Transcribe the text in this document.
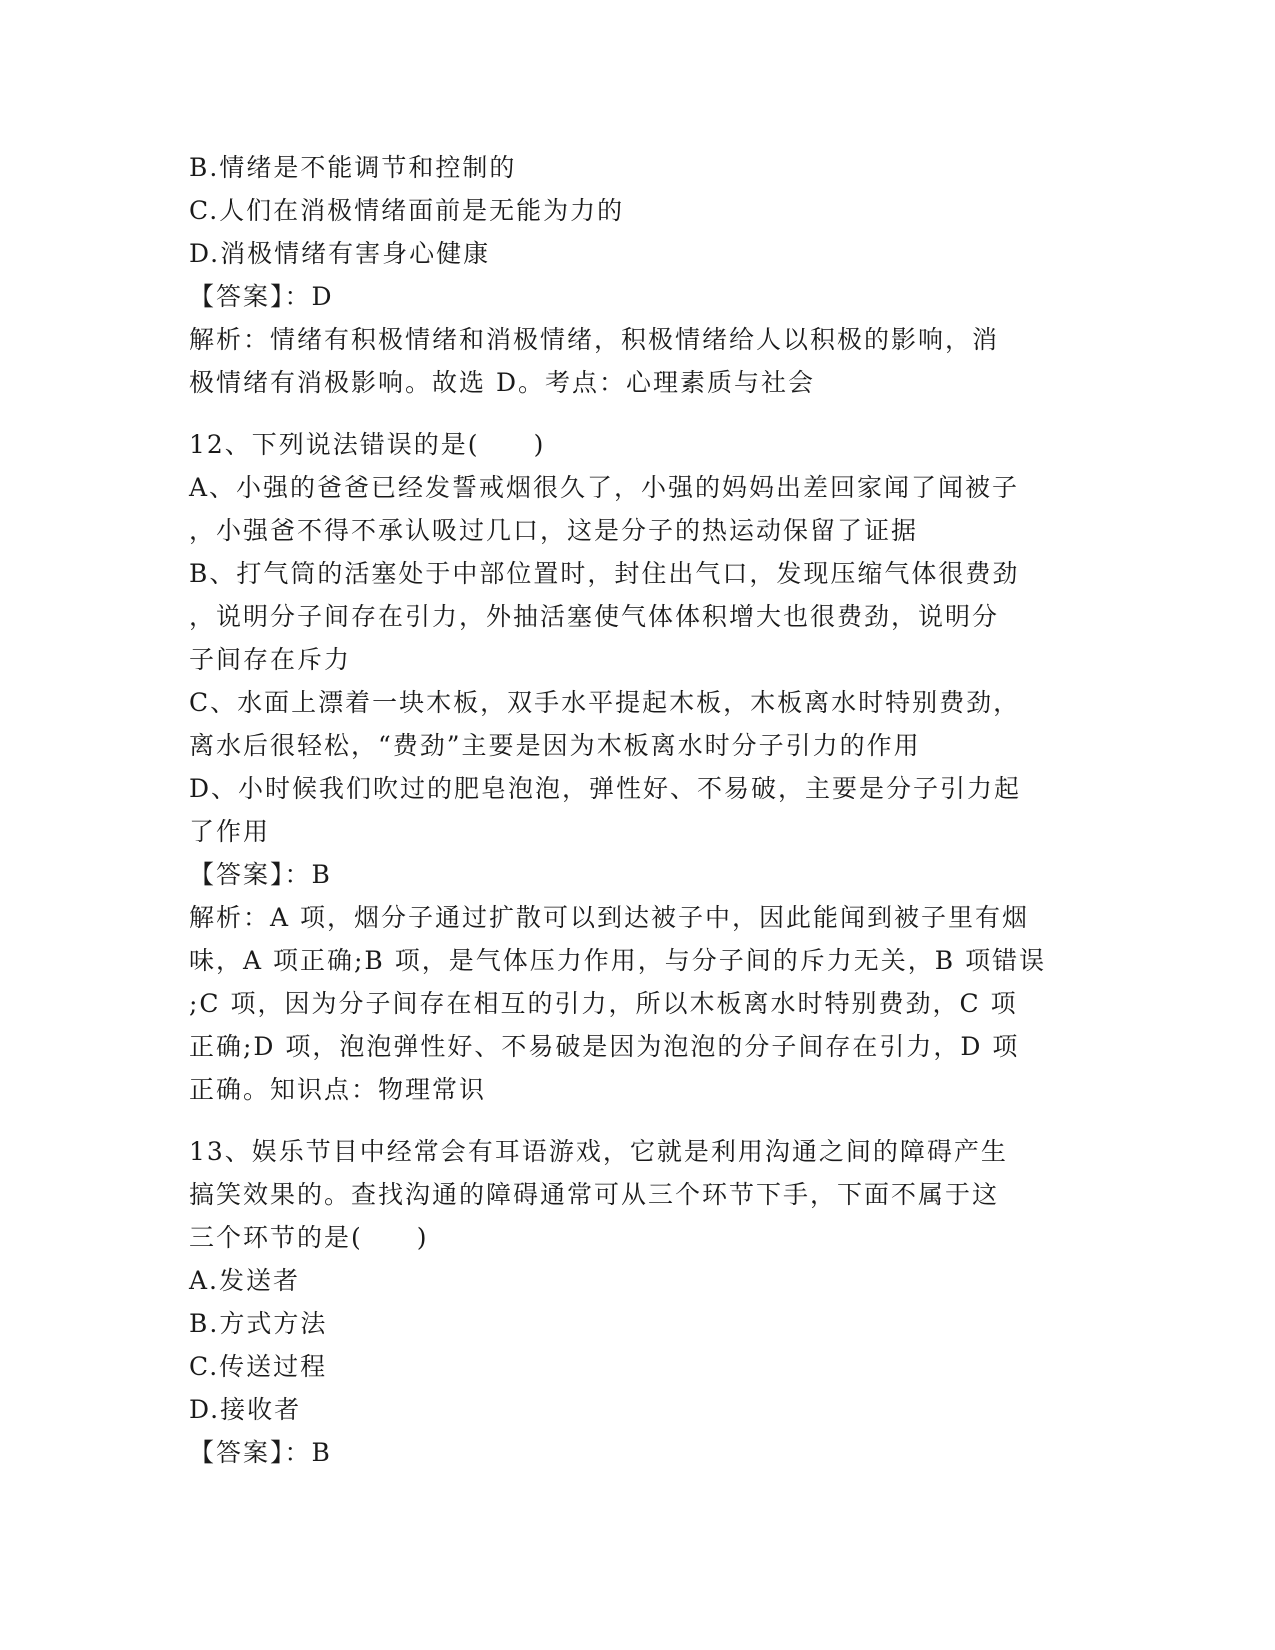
B.情绪是不能调节和控制的
C.人们在消极情绪面前是无能为力的
D.消极情绪有害身心健康
【答案】：D
解析：情绪有积极情绪和消极情绪，积极情绪给人以积极的影响，消
极情绪有消极影响。故选 D。考点：心理素质与社会
12、下列说法错误的是(　　)
A、小强的爸爸已经发誓戒烟很久了，小强的妈妈出差回家闻了闻被子
，小强爸不得不承认吸过几口，这是分子的热运动保留了证据
B、打气筒的活塞处于中部位置时，封住出气口，发现压缩气体很费劲
，说明分子间存在引力，外抽活塞使气体体积增大也很费劲，说明分
子间存在斥力
C、水面上漂着一块木板，双手水平提起木板，木板离水时特别费劲，
离水后很轻松，“费劲”主要是因为木板离水时分子引力的作用
D、小时候我们吹过的肥皂泡泡，弹性好、不易破，主要是分子引力起
了作用
【答案】：B
解析：A 项，烟分子通过扩散可以到达被子中，因此能闻到被子里有烟
味，A 项正确;B 项，是气体压力作用，与分子间的斥力无关，B 项错误
;C 项，因为分子间存在相互的引力，所以木板离水时特别费劲，C 项
正确;D 项，泡泡弹性好、不易破是因为泡泡的分子间存在引力，D 项
正确。知识点：物理常识
13、娱乐节目中经常会有耳语游戏，它就是利用沟通之间的障碍产生
搞笑效果的。查找沟通的障碍通常可从三个环节下手，下面不属于这
三个环节的是(　　)
A.发送者
B.方式方法
C.传送过程
D.接收者
【答案】：B
